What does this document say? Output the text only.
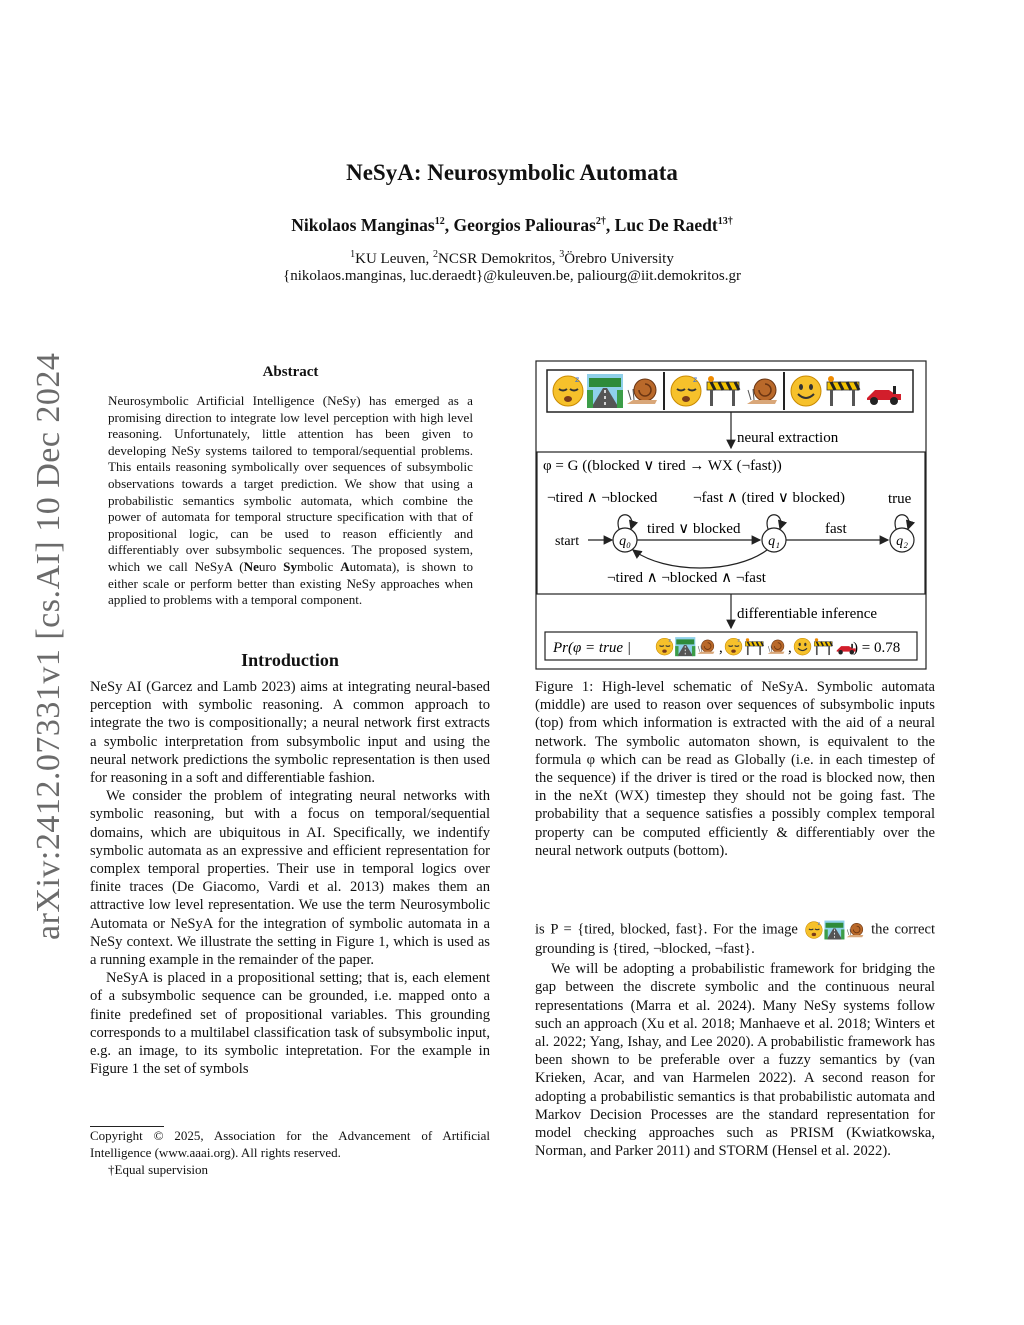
arXiv:2412.07331v1 [cs.AI] 10 Dec 2024
NeSyA: Neurosymbolic Automata
Nikolaos Manginas$^{12}$, Georgios Paliouras$^{2\dagger}$, Luc De Raedt$^{13\dagger}$
$^1$KU Leuven, $^2$NCSR Demokritos, $^3$Örebro University
{nikolaos.manginas, luc.deraedt}@kuleuven.be, paliourg@iit.demokritos.gr
Abstract
Neurosymbolic Artificial Intelligence (NeSy) has emerged as a promising direction to integrate low level perception with high level reasoning. Unfortunately, little attention has been given to developing NeSy systems tailored to temporal/sequential problems. This entails reasoning symbolically over sequences of subsymbolic observations towards a target prediction. We show that using a probabilistic semantics symbolic automata, which combine the power of automata for temporal structure specification with that of propositional logic, can be used to reason efficiently and differentiably over subsymbolic sequences. The proposed system, which we call NeSyA (Neuro Symbolic Automata), is shown to either scale or perform better than existing NeSy approaches when applied to problems with a temporal component.
Introduction

NeSy AI (Garcez and Lamb 2023) aims at integrating neural-based perception with symbolic reasoning. A common approach to integrate the two is compositionally; a neural network first extracts a symbolic interpretation from subsymbolic input and using the neural network predictions the symbolic representation is then used for reasoning in a soft and differentiable fashion.

We consider the problem of integrating neural networks with symbolic reasoning, but with a focus on temporal/sequential domains, which are ubiquitous in AI. Specifically, we indentify symbolic automata as an expressive and efficient representation for complex temporal properties. Their use in temporal logics over finite traces (De Giacomo, Vardi et al. 2013) makes them an attractive low level representation. We use the term Neurosymbolic Automata or NeSyA for the integration of symbolic automata in a NeSy context. We illustrate the setting in Figure 1, which is used as a running example in the remainder of the paper.

NeSyA is placed in a propositional setting; that is, each element of a subsymbolic sequence can be grounded, i.e. mapped onto a finite predefined set of propositional variables. This grounding corresponds to a multilabel classification task of subsymbolic input, e.g. an image, to its symbolic intepretation. For the example in Figure 1 the set of symbols

Copyright © 2025, Association for the Advancement of Artificial Intelligence (www.aaai.org). All rights reserved.
†Equal supervision
z
neural extraction
φ = G ((blocked ∨ tired → WX (¬fast))
¬tired ∧ ¬blocked ¬fast ∧ (tired ∨ blocked)	true
start	q₀	q₁	q₂
tired ∨ blocked	fast
¬tired ∧ ¬blocked ∧ ¬fast
differentiable inference
Pr(φ = true |	,	,	) = 0.78
Figure 1: High-level schematic of NeSyA. Symbolic automata (middle) are used to reason over sequences of subsymbolic inputs (top) from which information is extracted with the aid of a neural network. The symbolic automaton shown, is equivalent to the formula φ which can be read as Globally (i.e. in each timestep of the sequence) if the driver is tired or the road is blocked now, then in the neXt (WX) timestep they should not be going fast. The probability that a sequence satisfies a possibly complex temporal property can be computed efficiently & differentiably over the neural network outputs (bottom).

is P = {tired, blocked, fast}. For the image	the correct grounding is {tired, ¬blocked, ¬fast}.

We will be adopting a probabilistic framework for bridging the gap between the discrete symbolic and the continuous neural representations (Marra et al. 2024). Many NeSy systems follow such an approach (Xu et al. 2018; Manhaeve et al. 2018; Winters et al. 2022; Yang, Ishay, and Lee 2020). A probabilistic framework has been shown to be preferable over a fuzzy semantics by (van Krieken, Acar, and van Harmelen 2022). A second reason for adopting a probabilistic semantics is that probabilistic automata and Markov Decision Processes are the standard representation for model checking approaches such as PRISM (Kwiatkowska, Norman, and Parker 2011) and STORM (Hensel et al. 2022).
